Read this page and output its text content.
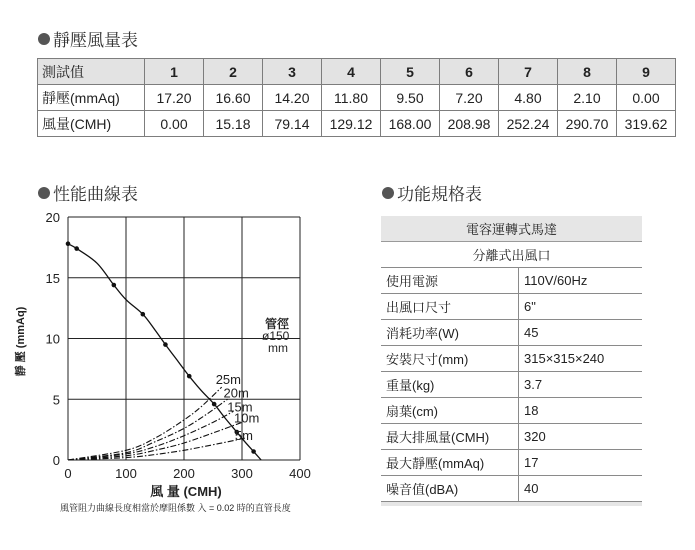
靜壓風量表
測試值	1	2	3	4	5	6	7	8	9
靜壓(mmAq)	17.20	16.60	14.20	11.80	9.50	7.20	4.80	2.10	0.00
風量(CMH)	0.00	15.18	79.14	129.12	168.00	208.98	252.24	290.70	319.62
性能曲線表	功能規格表
0	100	200	300	400
0
5
10
15
20
風 量 (CMH)
靜 壓 (mmAq)
25m
20m
15m
10m
5m
管徑
ø150
mm
風管阻力曲線長度相當於摩阻係數 入 = 0.02 時的直管長度
電容運轉式馬達	
分離式出風口	
使用電源	110V/60Hz
出風口尺寸	6"
消耗功率(W)	45
安裝尺寸(mm)	315×315×240
重量(kg)	3.7
扇葉(cm)	18
最大排風量(CMH)	320
最大靜壓(mmAq)	17
噪音值(dBA)	40
